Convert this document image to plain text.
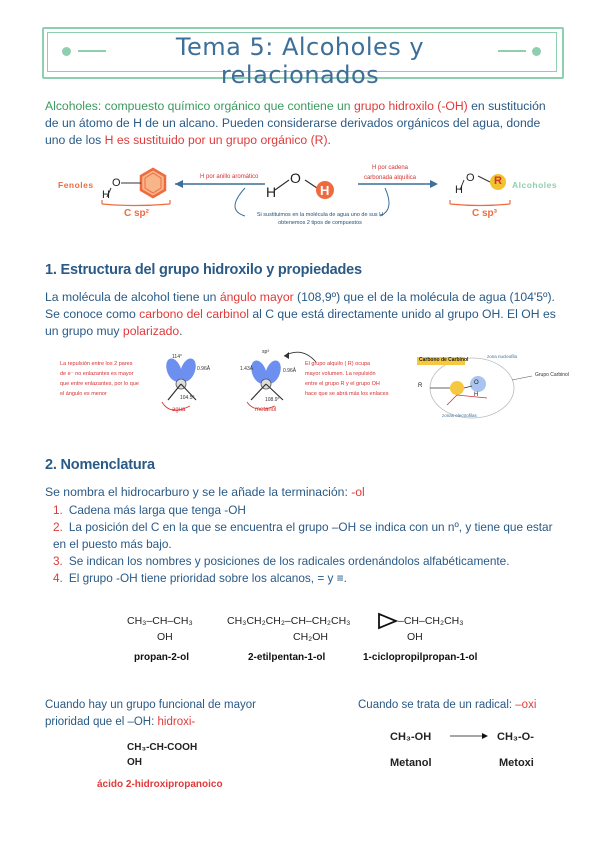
Tema 5: Alcoholes y relacionados
Alcoholes: compuesto químico orgánico que contiene un grupo hidroxilo (-OH) en sustitución de un átomo de H de un alcano. Pueden considerarse derivados orgánicos del agua, donde uno de los H es sustituido por un grupo orgánico (R).
Fenoles	Alcoholes
O
H
C sp²
H por anillo aromático
H por cadena
carbonada alquílica
H
O
H
Si sustituimos en la molécula de agua uno de sus H
obtenemos 2 tipos de compuestos
O
H
R
C sp³
1. Estructura del grupo hidroxilo y propiedades
La molécula de alcohol tiene un ángulo mayor (108,9º) que el de la molécula de agua (104'5º). Se conoce como carbono del carbinol al C que está directamente unido al grupo OH. El OH es un grupo muy polarizado.
La repulsión entre los 2 pares
de e⁻ no enlazantes es mayor
que entre enlazantes, por lo que
el ángulo es menor
114°
0.96Å
104.5°
agua
sp³
1.43Å	0.96Å
108.9°
metanol
El grupo alquilo ( R) ocupa
mayor volumen. La repulsión
entre el grupo R y el grupo OH
hace que se abrá más los enlaces
Carbono de Carbinol
zona nucleofila
Grupo Carbinol
zonas electrofilas
R	O
H
2. Nomenclatura
Se nombra el hidrocarburo y se le añade la terminación: -ol
1. Cadena más larga que tenga -OH
2. La posición del C en la que se encuentra el grupo –OH se indica con un nº, y tiene que estar en el puesto más bajo.
3. Se indican los nombres y posiciones de los radicales ordenándolos alfabéticamente.
4. El grupo -OH tiene prioridad sobre los alcanos, = y ≡.
CH₃–CH–CH₃
OH
propan-2-ol
CH₃CH₂CH₂–CH–CH₂CH₃
CH₂OH
2-etilpentan-1-ol
–CH–CH₂CH₃
OH
1-ciclopropilpropan-1-ol
Cuando hay un grupo funcional de mayor prioridad que el –OH: hidroxi-
CH₃-CH-COOH
OH
ácido 2-hidroxipropanoico
Cuando se trata de un radical: –oxi
CH₃-OH	CH₃-O-
Metanol	Metoxi
